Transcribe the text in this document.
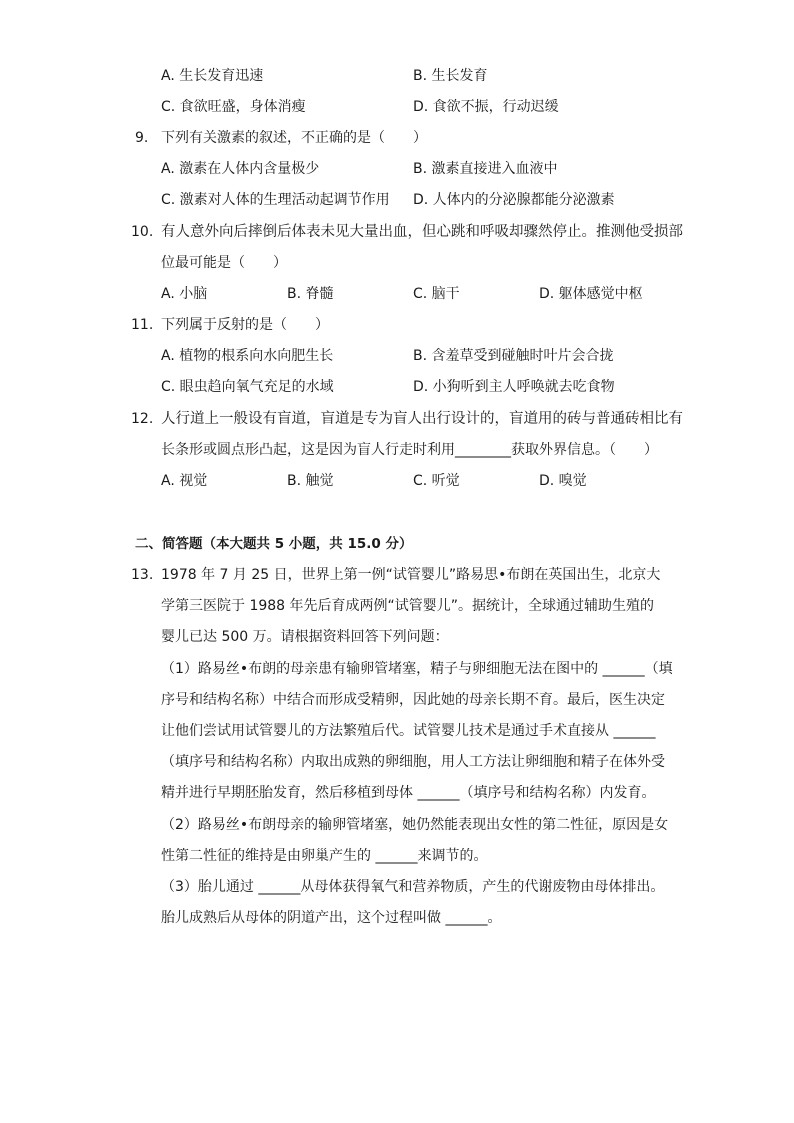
A. 生长发育迅速	B. 生长发育
C. 食欲旺盛，身体消瘦	D. 食欲不振，行动迟缓
9. 下列有关激素的叙述，不正确的是（　　）
A. 激素在人体内含量极少	B. 激素直接进入血液中
C. 激素对人体的生理活动起调节作用 D. 人体内的分泌腺都能分泌激素
10. 有人意外向后摔倒后体表未见大量出血，但心跳和呼吸却骤然停止。推测他受损部
位最可能是（　　）
A. 小脑	B. 脊髓	C. 脑干	D. 躯体感觉中枢
11. 下列属于反射的是（　　）
A. 植物的根系向水向肥生长	B. 含羞草受到碰触时叶片会合拢
C. 眼虫趋向氧气充足的水域	D. 小狗听到主人呼唤就去吃食物
12. 人行道上一般设有盲道，盲道是专为盲人出行设计的，盲道用的砖与普通砖相比有
长条形或圆点形凸起，这是因为盲人行走时利用________获取外界信息。（　　）
A. 视觉	B. 触觉	C. 听觉	D. 嗅觉
二、简答题（本大题共 5 小题，共 15.0 分）
13. 1978 年 7 月 25 日，世界上第一例“试管婴儿”路易思•布朗在英国出生，北京大
学第三医院于 1988 年先后育成两例“试管婴儿”。据统计，全球通过辅助生殖的
婴儿已达 500 万。请根据资料回答下列问题：
（1）路易丝•布朗的母亲患有输卵管堵塞，精子与卵细胞无法在图中的 ______（填
序号和结构名称）中结合而形成受精卵，因此她的母亲长期不育。最后，医生决定
让他们尝试用试管婴儿的方法繁殖后代。试管婴儿技术是通过手术直接从 ______
（填序号和结构名称）内取出成熟的卵细胞，用人工方法让卵细胞和精子在体外受
精并进行早期胚胎发育，然后移植到母体 ______（填序号和结构名称）内发育。
（2）路易丝•布朗母亲的输卵管堵塞，她仍然能表现出女性的第二性征，原因是女
性第二性征的维持是由卵巢产生的 ______来调节的。
（3）胎儿通过 ______从母体获得氧气和营养物质，产生的代谢废物由母体排出。
胎儿成熟后从母体的阴道产出，这个过程叫做 ______。
